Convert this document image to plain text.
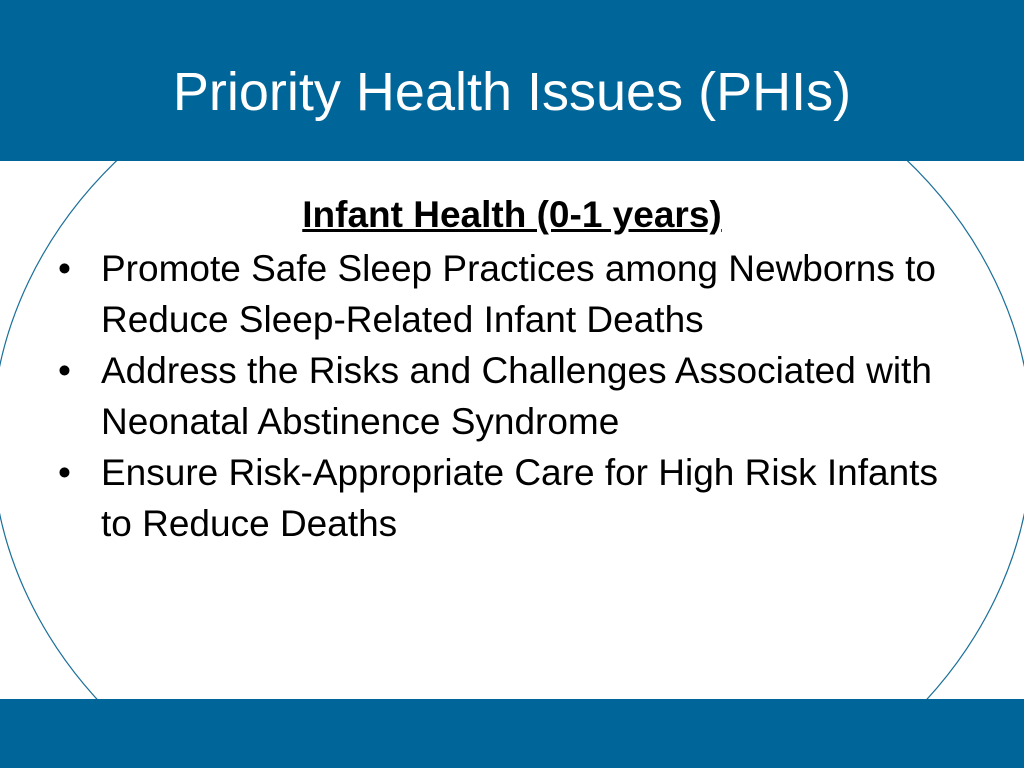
Priority Health Issues (PHIs)
Infant Health (0-1 years)
• Promote Safe Sleep Practices among Newborns to Reduce Sleep-Related Infant Deaths
• Address the Risks and Challenges Associated with Neonatal Abstinence Syndrome
• Ensure Risk-Appropriate Care for High Risk Infants to Reduce Deaths
